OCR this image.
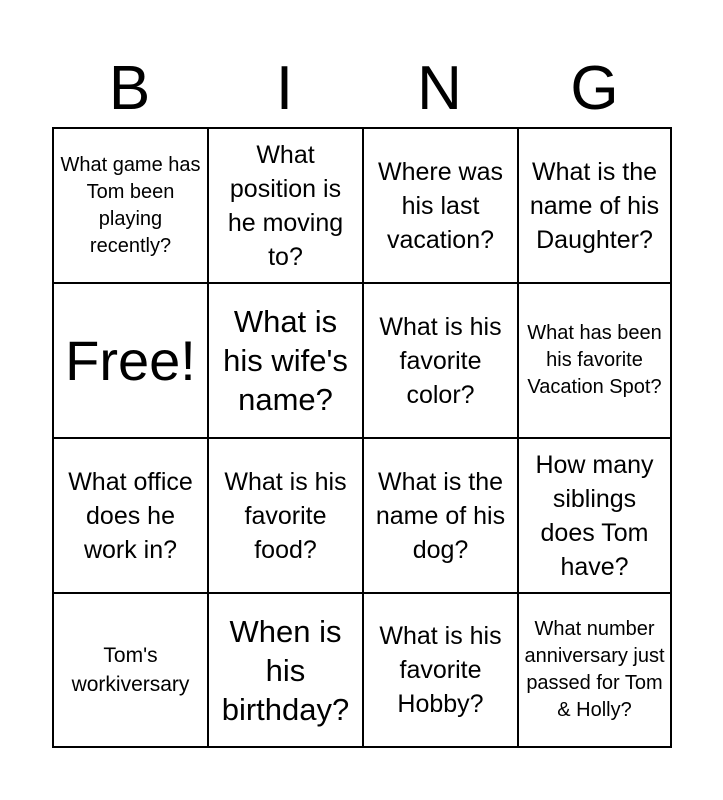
B	I	N	G
What game has Tom been playing recently?
What position is he moving to?
Where was his last vacation?
What is the name of his Daughter?
Free!
What is his wife's name?
What is his favorite color?
What has been his favorite Vacation Spot?
What office does he work in?
What is his favorite food?
What is the name of his dog?
How many siblings does Tom have?
Tom's workiversary
When is his birthday?
What is his favorite Hobby?
What number anniversary just passed for Tom & Holly?
